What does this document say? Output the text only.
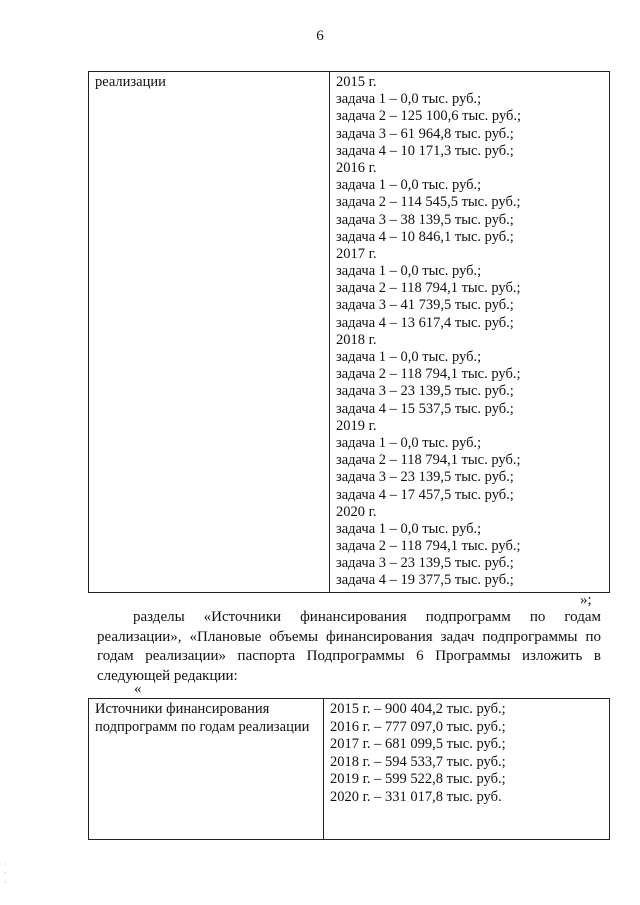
6
реализации	2015 г.
задача 1 – 0,0 тыс. руб.;
задача 2 – 125 100,6 тыс. руб.;
задача 3 – 61 964,8 тыс. руб.;
задача 4 – 10 171,3 тыс. руб.;
2016 г.
задача 1 – 0,0 тыс. руб.;
задача 2 – 114 545,5 тыс. руб.;
задача 3 – 38 139,5 тыс. руб.;
задача 4 – 10 846,1 тыс. руб.;
2017 г.
задача 1 – 0,0 тыс. руб.;
задача 2 – 118 794,1 тыс. руб.;
задача 3 – 41 739,5 тыс. руб.;
задача 4 – 13 617,4 тыс. руб.;
2018 г.
задача 1 – 0,0 тыс. руб.;
задача 2 – 118 794,1 тыс. руб.;
задача 3 – 23 139,5 тыс. руб.;
задача 4 – 15 537,5 тыс. руб.;
2019 г.
задача 1 – 0,0 тыс. руб.;
задача 2 – 118 794,1 тыс. руб.;
задача 3 – 23 139,5 тыс. руб.;
задача 4 – 17 457,5 тыс. руб.;
2020 г.
задача 1 – 0,0 тыс. руб.;
задача 2 – 118 794,1 тыс. руб.;
задача 3 – 23 139,5 тыс. руб.;
задача 4 – 19 377,5 тыс. руб.;
»;
разделы «Источники финансирования подпрограмм по годам реализации», «Плановые объемы финансирования задач подпрограммы по годам реализации» паспорта Подпрограммы 6 Программы изложить в следующей редакции:
«
Источники финансирования подпрограмм по годам реализации	
2015 г. – 900 404,2 тыс. руб.;
2016 г. – 777 097,0 тыс. руб.;
2017 г. – 681 099,5 тыс. руб.;
2018 г. – 594 533,7 тыс. руб.;
2019 г. – 599 522,8 тыс. руб.;
2020 г. – 331 017,8 тыс. руб.
·
·
·
